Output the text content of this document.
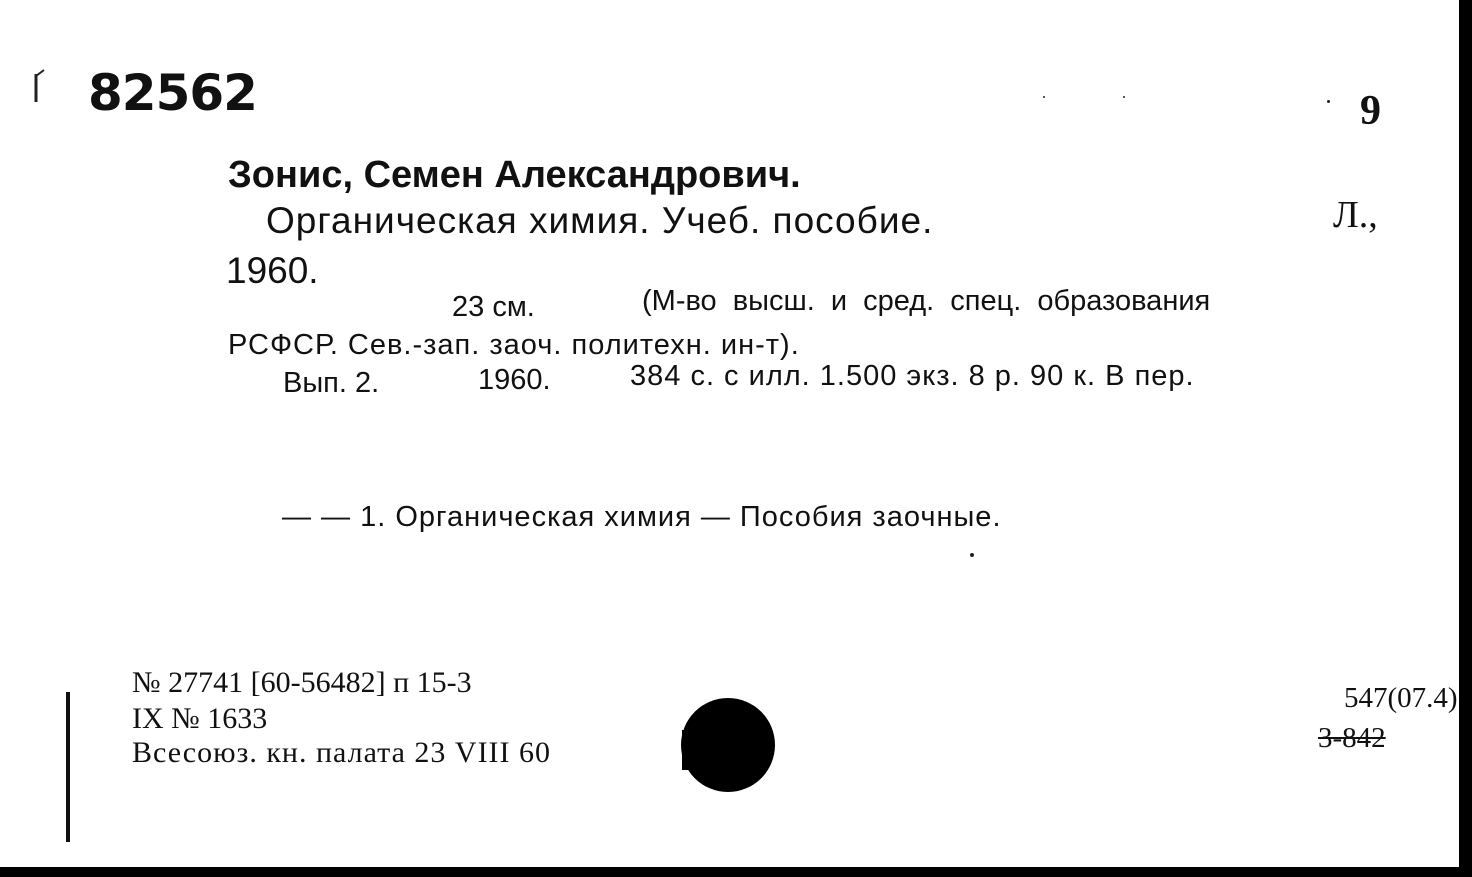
82562	9
Зонис, Семен Александрович.
Органическая химия. Учеб. пособие.	Л.,
1960.
23 см.	(М-во высш. и сред. спец. образования
РСФСР. Сев.-зап. заоч. политехн. ин-т).
Вып. 2.	1960.	384 с. с илл. 1.500 экз. 8 р. 90 к. В пер.
— — 1. Органическая химия — Пособия заочные.
№ 27741 [60-56482] п 15-3
IX № 1633
Всесоюз. кн. палата 23 VIII 60
547(07.4)
3-842
